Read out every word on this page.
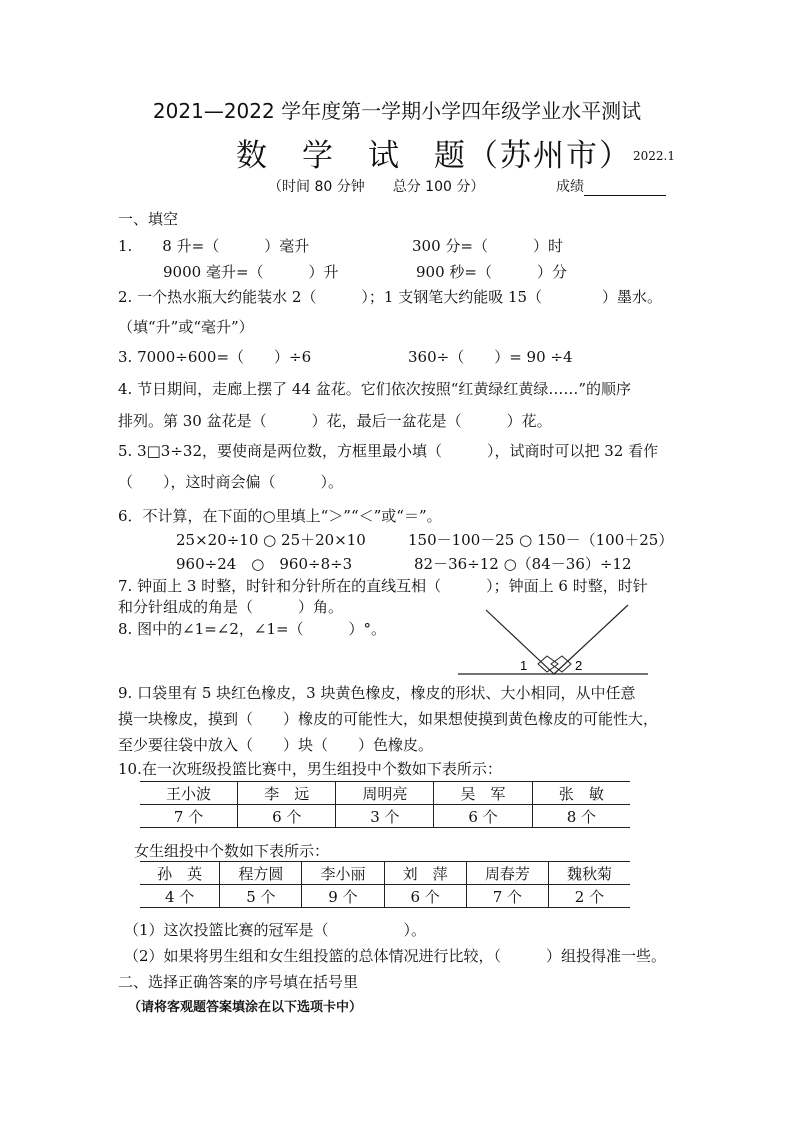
2021—2022 学年度第一学期小学四年级学业水平测试
数　学　试　题（苏州市） 2022.1
（时间 80 分钟　　总分 100 分）	成绩
一、填空
1.　　8 升=（　　　）毫升	300 分=（　　　）时
9000 毫升=（　　　）升	900 秒=（　　　）分
2. 一个热水瓶大约能装水 2（　　　）；1 支钢笔大约能吸 15（　　　　）墨水。
（填“升”或“毫升”）
3. 7000÷600=（　　）÷6	360÷（　　）= 90 ÷4
4. 节日期间，走廊上摆了 44 盆花。它们依次按照“红黄绿红黄绿……”的顺序
排列。第 30 盆花是（　　　）花，最后一盆花是（　　　）花。
5. 3□3÷32，要使商是两位数，方框里最小填（　　　），试商时可以把 32 看作
（　　），这时商会偏（　　　）。
6．不计算，在下面的○里填上“＞”“＜”或“＝”。
25×20÷10 ○ 25＋20×10	150－100－25 ○ 150－（100＋25）
960÷24　○　960÷8÷3	82－36÷12 ○（84－36）÷12
7. 钟面上 3 时整，时针和分针所在的直线互相（　　　）；钟面上 6 时整，时针
和分针组成的角是（　　　）角。
8. 图中的∠1=∠2，∠1=（　　　）°。
1	2
9. 口袋里有 5 块红色橡皮，3 块黄色橡皮，橡皮的形状、大小相同，从中任意
摸一块橡皮，摸到（　　）橡皮的可能性大，如果想使摸到黄色橡皮的可能性大，
至少要往袋中放入（　　）块（　　）色橡皮。
10.在一次班级投篮比赛中，男生组投中个数如下表所示：
王小波	李　远	周明亮	吴　军	张　敏
7 个	6 个	3 个	6 个	8 个
女生组投中个数如下表所示：
孙　英	程方圆	李小丽	刘　萍	周春芳	魏秋菊
4 个	5 个	9 个	6 个	7 个	2 个
（1）这次投篮比赛的冠军是（　　　　　）。
（2）如果将男生组和女生组投篮的总体情况进行比较，（　　　）组投得准一些。
二、选择正确答案的序号填在括号里
（请将客观题答案填涂在以下选项卡中）
